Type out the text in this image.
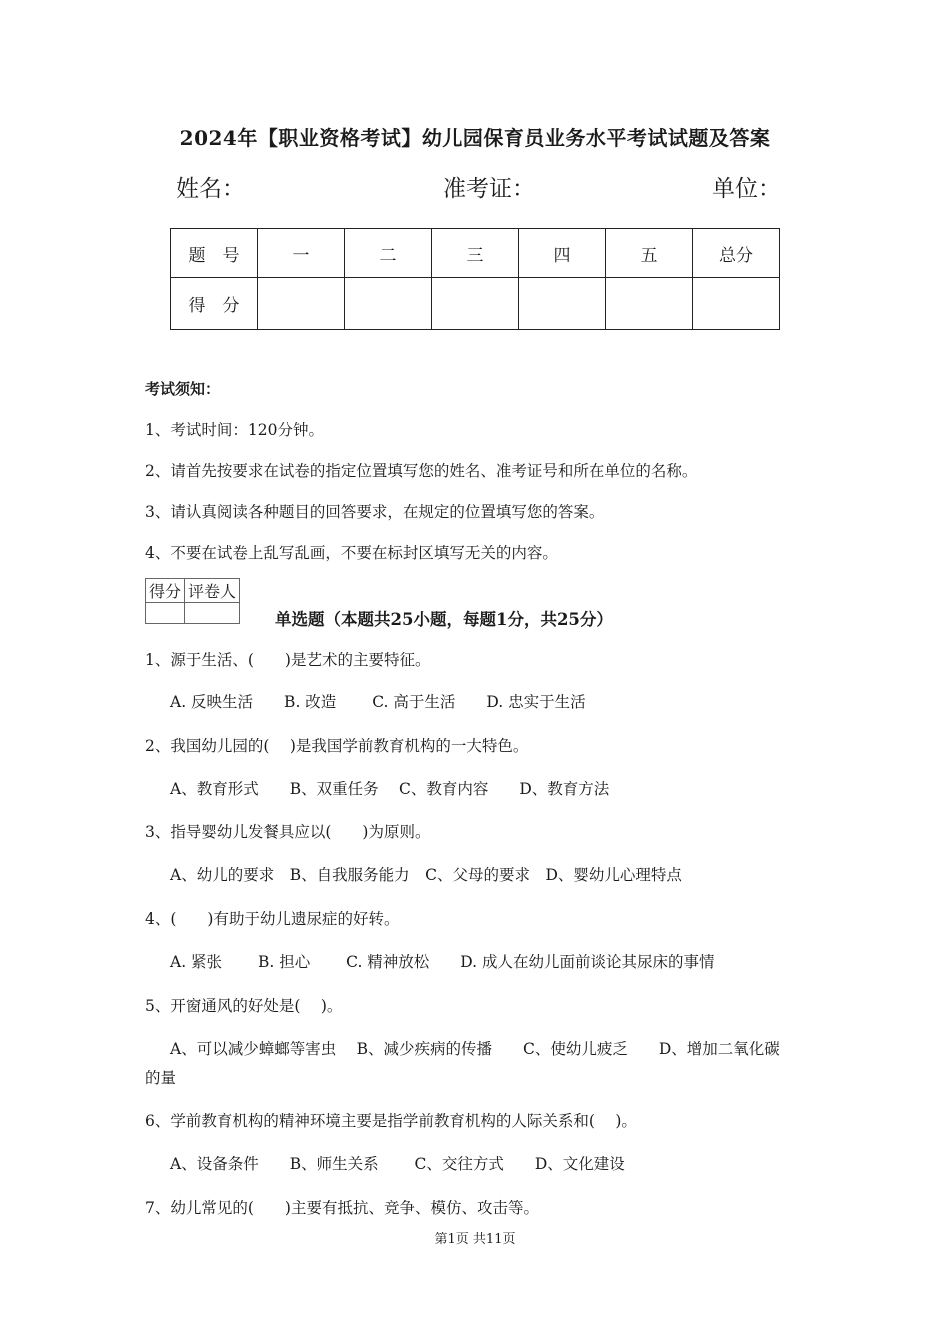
2024年【职业资格考试】幼儿园保育员业务水平考试试题及答案
姓名：	准考证：	单位：
题　号	一	二	三	四	五	总分
得　分						
考试须知：
1、考试时间：120分钟。
2、请首先按要求在试卷的指定位置填写您的姓名、准考证号和所在单位的名称。
3、请认真阅读各种题目的回答要求，在规定的位置填写您的答案。
4、不要在试卷上乱写乱画，不要在标封区填写无关的内容。
得分	评卷人

单选题（本题共25小题，每题1分，共25分）
1、源于生活、(　　)是艺术的主要特征。
A. 反映生活　　B. 改造　　 C. 高于生活　　D. 忠实于生活
2、我国幼儿园的(　 )是我国学前教育机构的一大特色。
A、教育形式　　B、双重任务　 C、教育内容　　D、教育方法
3、指导婴幼儿发餐具应以(　　)为原则。
A、幼儿的要求　B、自我服务能力　C、父母的要求　D、婴幼儿心理特点
4、(　　)有助于幼儿遗尿症的好转。
A. 紧张　　 B. 担心　　 C. 精神放松　　D. 成人在幼儿面前谈论其尿床的事情
5、开窗通风的好处是(　 )。
A、可以减少蟑螂等害虫　 B、减少疾病的传播　　C、使幼儿疲乏　　D、增加二氧化碳
的量
6、学前教育机构的精神环境主要是指学前教育机构的人际关系和(　 )。
A、设备条件　　B、师生关系　　 C、交往方式　　D、文化建设
7、幼儿常见的(　　)主要有抵抗、竞争、模仿、攻击等。
第1页 共11页
